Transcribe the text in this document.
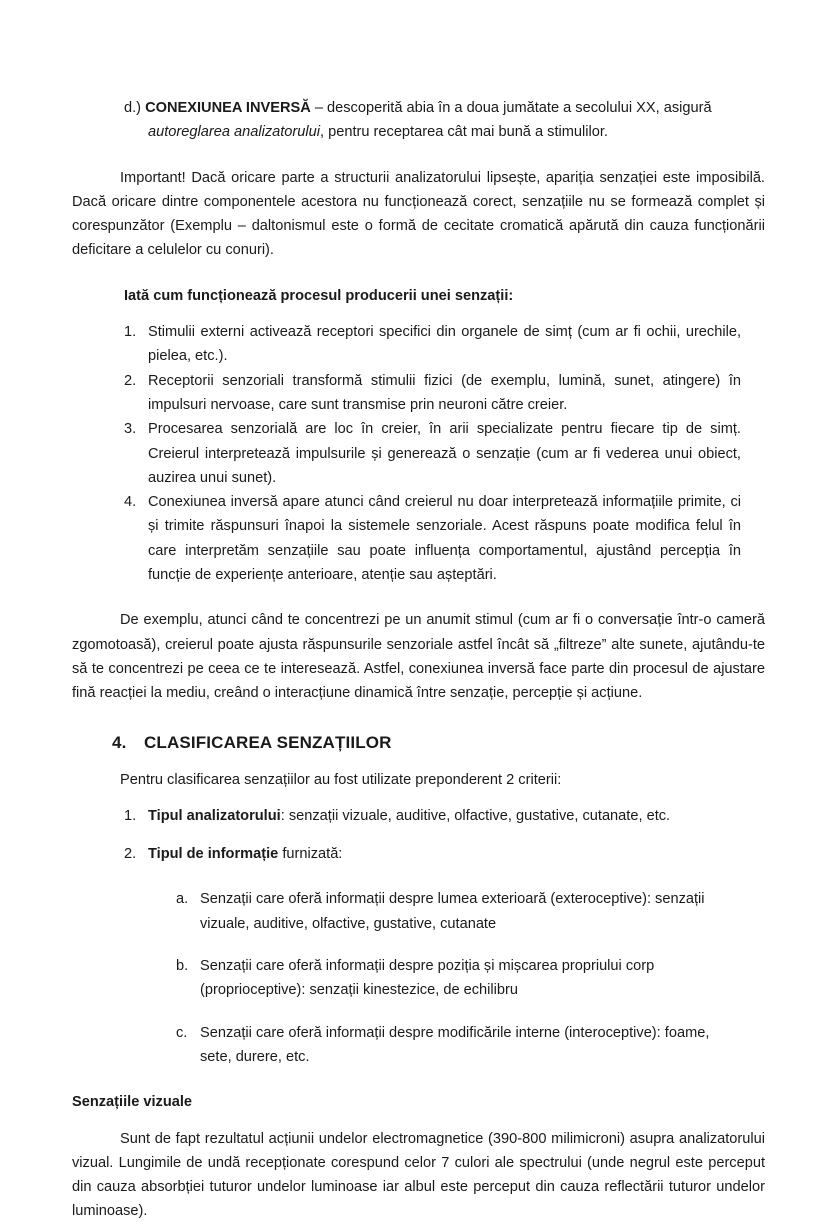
d.) CONEXIUNEA INVERSĂ – descoperită abia în a doua jumătate a secolului XX, asigură
autoreglarea analizatorului, pentru receptarea cât mai bună a stimulilor.

Important! Dacă oricare parte a structurii analizatorului lipsește, apariția senzației este imposibilă. Dacă oricare dintre componentele acestora nu funcționează corect, senzațiile nu se formează complet și corespunzător (Exemplu – daltonismul este o formă de cecitate cromatică apărută din cauza funcționării deficitare a celulelor cu conuri).

Iată cum funcționează procesul producerii unei senzații:
1. Stimulii externi activează receptori specifici din organele de simț (cum ar fi ochii, urechile, pielea, etc.).
2. Receptorii senzoriali transformă stimulii fizici (de exemplu, lumină, sunet, atingere) în impulsuri nervoase, care sunt transmise prin neuroni către creier.
3. Procesarea senzorială are loc în creier, în arii specializate pentru fiecare tip de simț. Creierul interpretează impulsurile și generează o senzație (cum ar fi vederea unui obiect, auzirea unui sunet).
4. Conexiunea inversă apare atunci când creierul nu doar interpretează informațiile primite, ci și trimite răspunsuri înapoi la sistemele senzoriale. Acest răspuns poate modifica felul în care interpretăm senzațiile sau poate influența comportamentul, ajustând percepția în funcție de experiențe anterioare, atenție sau așteptări.

De exemplu, atunci când te concentrezi pe un anumit stimul (cum ar fi o conversație într-o cameră zgomotoasă), creierul poate ajusta răspunsurile senzoriale astfel încât să „filtreze” alte sunete, ajutându-te să te concentrezi pe ceea ce te interesează. Astfel, conexiunea inversă face parte din procesul de ajustare fină reacției la mediu, creând o interacțiune dinamică între senzație, percepție și acțiune.

4. CLASIFICAREA SENZAȚIILOR

Pentru clasificarea senzațiilor au fost utilizate preponderent 2 criterii:

1. Tipul analizatorului: senzații vizuale, auditive, olfactive, gustative, cutanate, etc.
2. Tipul de informație furnizată:
a. Senzații care oferă informații despre lumea exterioară (exteroceptive): senzații vizuale, auditive, olfactive, gustative, cutanate
b. Senzații care oferă informații despre poziția și mișcarea propriului corp (proprioceptive): senzații kinestezice, de echilibru
c. Senzații care oferă informații despre modificările interne (interoceptive): foame, sete, durere, etc.
Senzațiile vizuale

Sunt de fapt rezultatul acțiunii undelor electromagnetice (390-800 milimicroni) asupra analizatorului vizual. Lungimile de undă recepționate corespund celor 7 culori ale spectrului (unde negrul este perceput din cauza absorbției tuturor undelor luminoase iar albul este perceput din cauza reflectării tuturor undelor luminoase).
